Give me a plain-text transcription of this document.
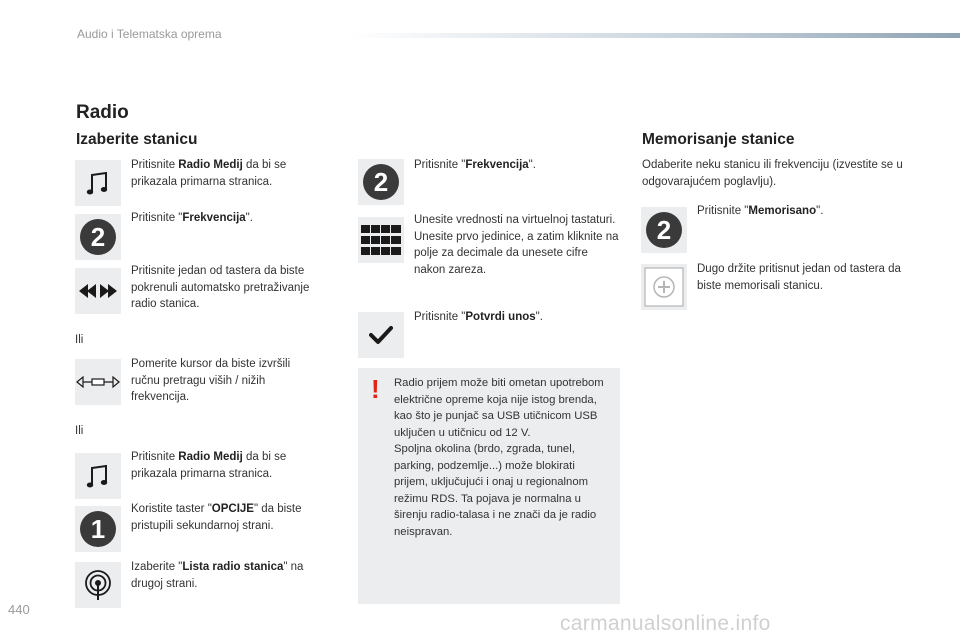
Audio i Telematska oprema
Radio
Izaberite stanicu
Pritisnite Radio Medij da bi se prikazala primarna stranica.
2
Pritisnite "Frekvencija".
Pritisnite jedan od tastera da biste pokrenuli automatsko pretraživanje radio stanica.
Ili
Pomerite kursor da biste izvršili ručnu pretragu viših / nižih frekvencija.
Ili
Pritisnite Radio Medij da bi se prikazala primarna stranica.
1
Koristite taster "OPCIJE" da biste pristupili sekundarnoj strani.
Izaberite "Lista radio stanica" na drugoj strani.
2
Pritisnite "Frekvencija".
Unesite vrednosti na virtuelnoj tastaturi.
Unesite prvo jedinice, a zatim kliknite na polje za decimale da unesete cifre nakon zareza.
Pritisnite "Potvrdi unos".
! Radio prijem može biti ometan upotrebom električne opreme koja nije istog brenda, kao što je punjač sa USB utičnicom USB uključen u utičnicu od 12 V.
Spoljna okolina (brdo, zgrada, tunel, parking, podzemlje...) može blokirati prijem, uključujući i onaj u regionalnom režimu RDS. Ta pojava je normalna u širenju radio-talasa i ne znači da je radio neispravan.
Memorisanje stanice
Odaberite neku stanicu ili frekvenciju (izvestite se u odgovarajućem poglavlju).
2
Pritisnite "Memorisano".
Dugo držite pritisnut jedan od tastera da biste memorisali stanicu.
440
carmanualsonline.info
